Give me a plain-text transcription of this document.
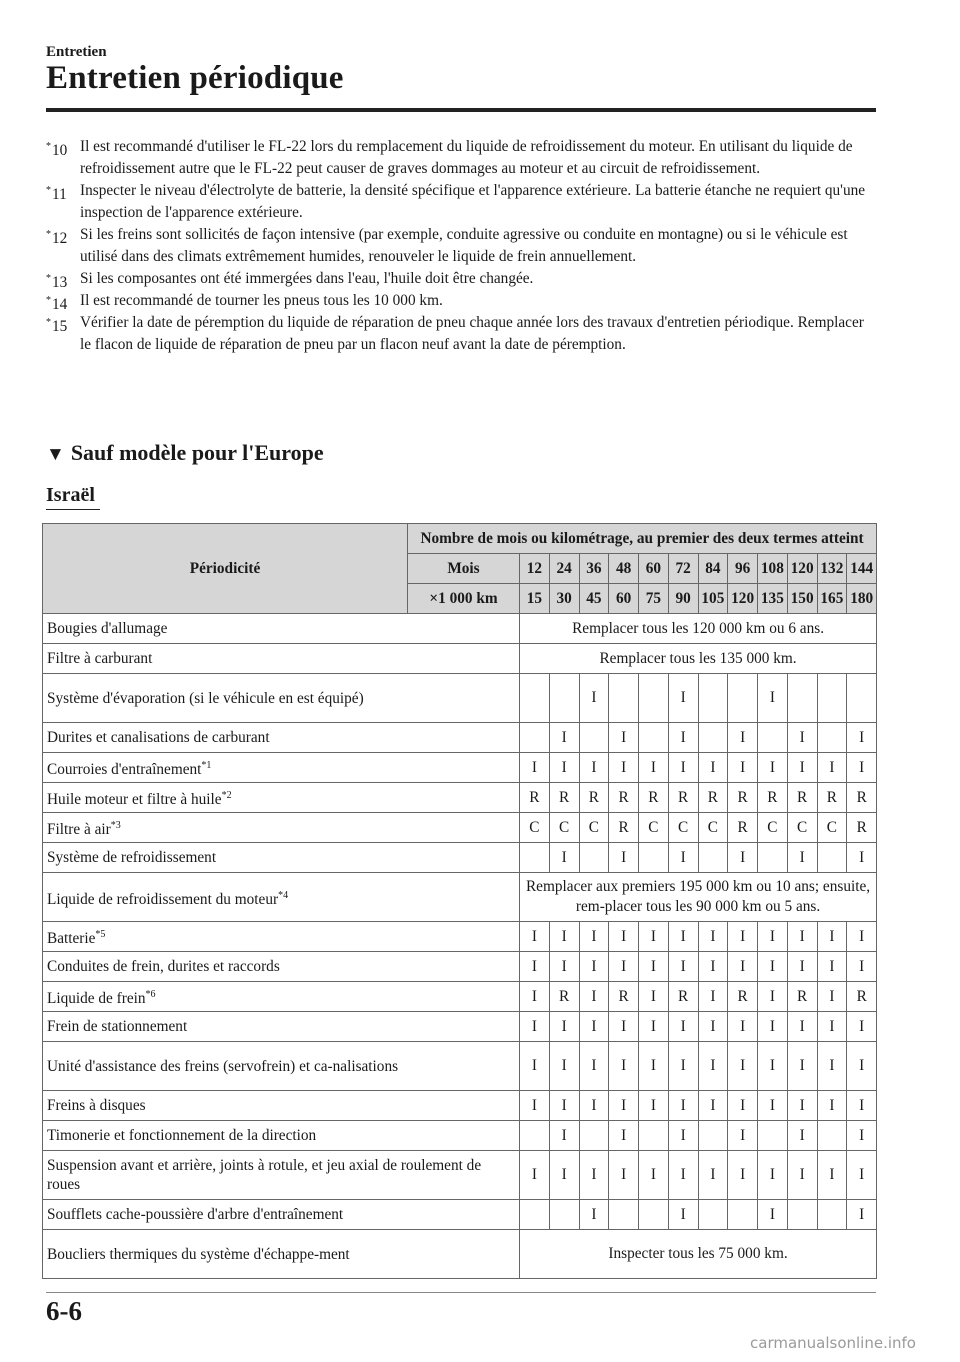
Entretien
Entretien périodique
*10 Il est recommandé d'utiliser le FL-22 lors du remplacement du liquide de refroidissement du moteur. En utilisant du liquide de refroidissement autre que le FL-22 peut causer de graves dommages au moteur et au circuit de refroidissement.
*11 Inspecter le niveau d'électrolyte de batterie, la densité spécifique et l'apparence extérieure. La batterie étanche ne requiert qu'une inspection de l'apparence extérieure.
*12 Si les freins sont sollicités de façon intensive (par exemple, conduite agressive ou conduite en montagne) ou si le véhicule est utilisé dans des climats extrêmement humides, renouveler le liquide de frein annuellement.
*13 Si les composantes ont été immergées dans l'eau, l'huile doit être changée.
*14 Il est recommandé de tourner les pneus tous les 10 000 km.
*15 Vérifier la date de péremption du liquide de réparation de pneu chaque année lors des travaux d'entretien périodique. Remplacer le flacon de liquide de réparation de pneu par un flacon neuf avant la date de péremption.
▼ Sauf modèle pour l'Europe
Israël
Périodicité	Nombre de mois ou kilométrage, au premier des deux termes atteint												
	Mois	12	24	36	48	60	72	84	96	108	120	132	144
	×1 000 km	15	30	45	60	75	90	105	120	135	150	165	180
Bougies d'allumage		Remplacer tous les 120 000 km ou 6 ans.											
Filtre à carburant		Remplacer tous les 135 000 km.											
Système d'évaporation (si le véhicule en est équipé)				I			I			I			
Durites et canalisations de carburant			I		I		I		I		I		I
Courroies d'entraînement$^{*1}$		I	I	I	I	I	I	I	I	I	I	I	I
Huile moteur et filtre à huile$^{*2}$		R	R	R	R	R	R	R	R	R	R	R	R
Filtre à air$^{*3}$		C	C	C	R	C	C	C	R	C	C	C	R
Système de refroidissement			I		I		I		I		I		I
Liquide de refroidissement du moteur$^{*4}$		Remplacer aux premiers 195 000 km ou 10 ans; ensuite, rem-placer tous les 90 000 km ou 5 ans.											
Batterie$^{*5}$		I	I	I	I	I	I	I	I	I	I	I	I
Conduites de frein, durites et raccords		I	I	I	I	I	I	I	I	I	I	I	I
Liquide de frein$^{*6}$		I	R	I	R	I	R	I	R	I	R	I	R
Frein de stationnement		I	I	I	I	I	I	I	I	I	I	I	I
Unité d'assistance des freins (servofrein) et ca-nalisations		I	I	I	I	I	I	I	I	I	I	I	I
Freins à disques		I	I	I	I	I	I	I	I	I	I	I	I
Timonerie et fonctionnement de la direction			I		I		I		I		I		I
Suspension avant et arrière, joints à rotule, et jeu axial de roulement de roues		I	I	I	I	I	I	I	I	I	I	I	I
Soufflets cache-poussière d'arbre d'entraînement				I			I			I			I
Boucliers thermiques du système d'échappe-ment		Inspecter tous les 75 000 km.											
6-6
carmanualsonline.info
